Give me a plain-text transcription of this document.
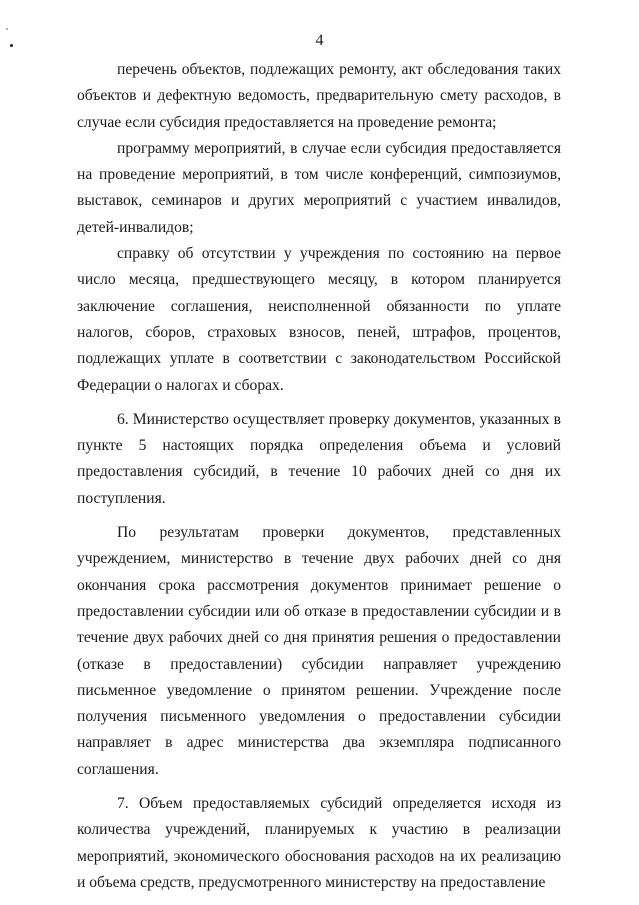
4

перечень объектов, подлежащих ремонту, акт обследования таких объектов и дефектную ведомость, предварительную смету расходов, в случае если субсидия предоставляется на проведение ремонта;

программу мероприятий, в случае если субсидия предоставляется на проведение мероприятий, в том числе конференций, симпозиумов, выставок, семинаров и других мероприятий с участием инвалидов, детей-инвалидов;

справку об отсутствии у учреждения по состоянию на первое число месяца, предшествующего месяцу, в котором планируется заключение соглашения, неисполненной обязанности по уплате налогов, сборов, страховых взносов, пеней, штрафов, процентов, подлежащих уплате в соответствии с законодательством Российской Федерации о налогах и сборах.

6. Министерство осуществляет проверку документов, указанных в пункте 5 настоящих порядка определения объема и условий предоставления субсидий, в течение 10 рабочих дней со дня их поступления.

По результатам проверки документов, представленных учреждением, министерство в течение двух рабочих дней со дня окончания срока рассмотрения документов принимает решение о предоставлении субсидии или об отказе в предоставлении субсидии и в течение двух рабочих дней со дня принятия решения о предоставлении (отказе в предоставлении) субсидии направляет учреждению письменное уведомление о принятом решении. Учреждение после получения письменного уведомления о предоставлении субсидии направляет в адрес министерства два экземпляра подписанного соглашения.

7. Объем предоставляемых субсидий определяется исходя из количества учреждений, планируемых к участию в реализации мероприятий, экономического обоснования расходов на их реализацию и объема средств, предусмотренного министерству на предоставление
